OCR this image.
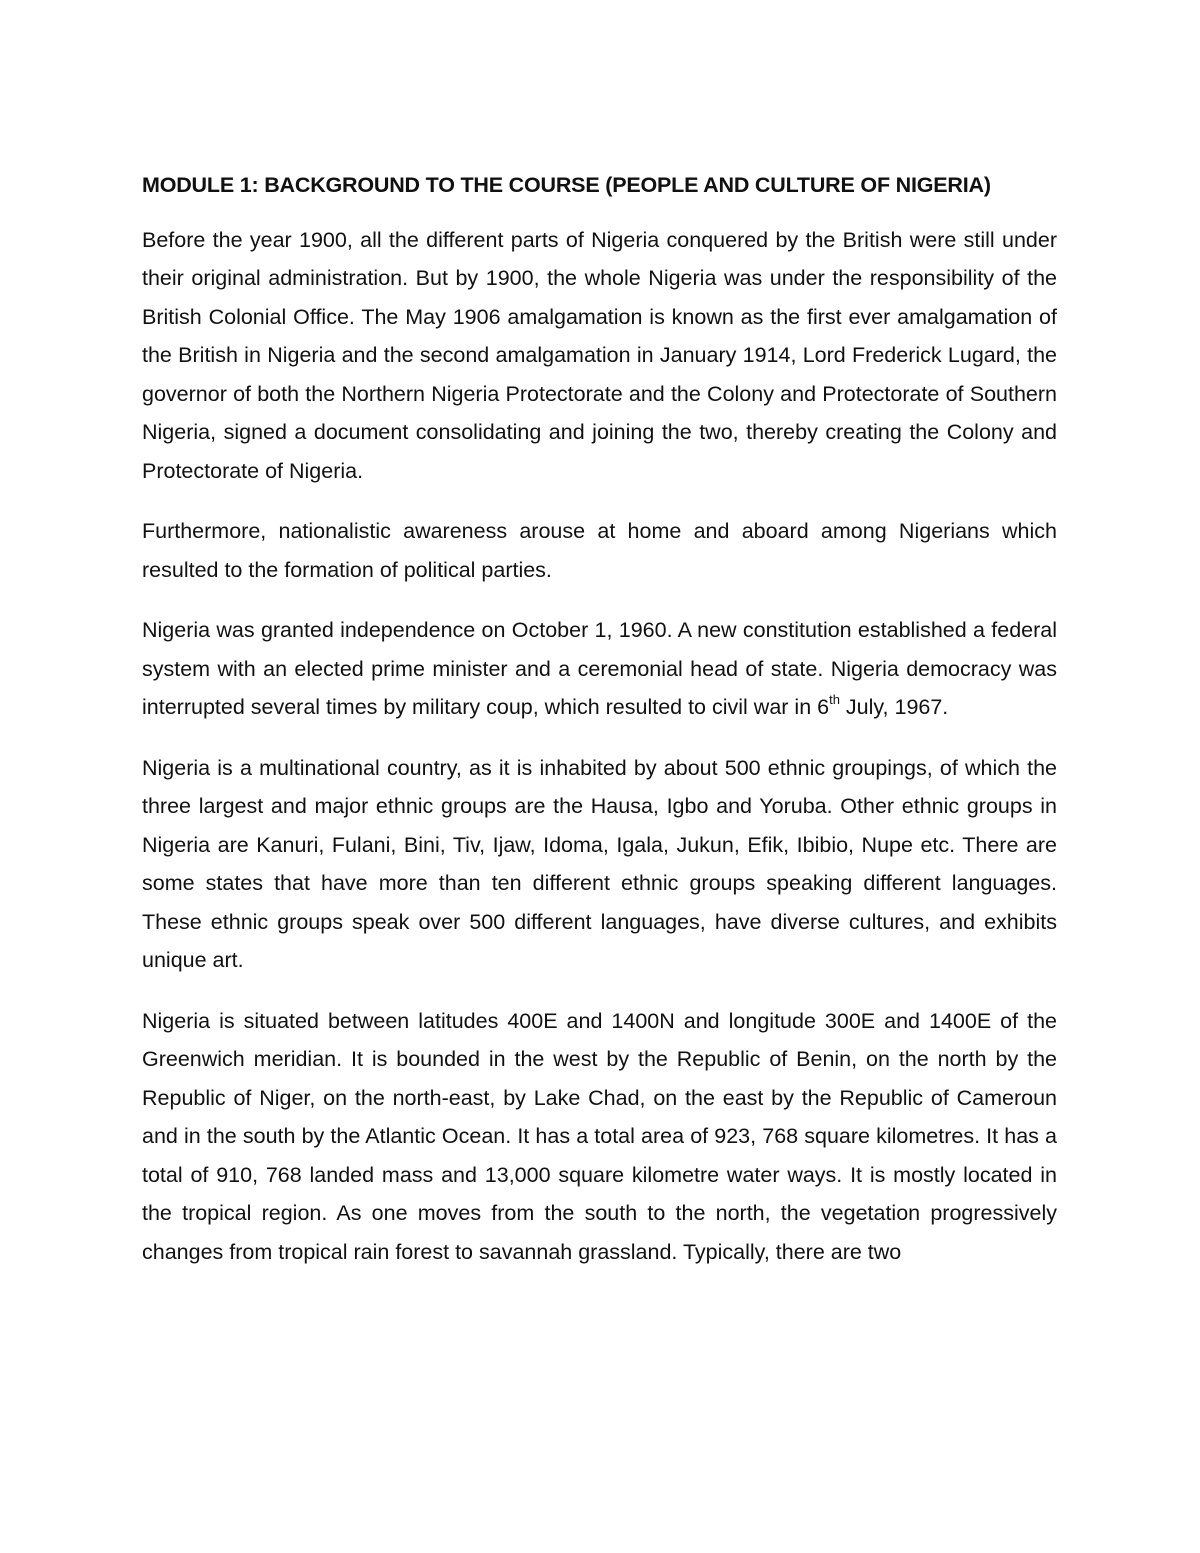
MODULE 1: BACKGROUND TO THE COURSE (PEOPLE AND CULTURE OF NIGERIA)

Before the year 1900, all the different parts of Nigeria conquered by the British were still under their original administration. But by 1900, the whole Nigeria was under the responsibility of the British Colonial Office. The May 1906 amalgamation is known as the first ever amalgamation of the British in Nigeria and the second amalgamation in January 1914, Lord Frederick Lugard, the governor of both the Northern Nigeria Protectorate and the Colony and Protectorate of Southern Nigeria, signed a document consolidating and joining the two, thereby creating the Colony and Protectorate of Nigeria.

Furthermore, nationalistic awareness arouse at home and aboard among Nigerians which resulted to the formation of political parties.

Nigeria was granted independence on October 1, 1960. A new constitution established a federal system with an elected prime minister and a ceremonial head of state. Nigeria democracy was interrupted several times by military coup, which resulted to civil war in 6th July, 1967.

Nigeria is a multinational country, as it is inhabited by about 500 ethnic groupings, of which the three largest and major ethnic groups are the Hausa, Igbo and Yoruba. Other ethnic groups in Nigeria are Kanuri, Fulani, Bini, Tiv, Ijaw, Idoma, Igala, Jukun, Efik, Ibibio, Nupe etc. There are some states that have more than ten different ethnic groups speaking different languages. These ethnic groups speak over 500 different languages, have diverse cultures, and exhibits unique art.

Nigeria is situated between latitudes 400E and 1400N and longitude 300E and 1400E of the Greenwich meridian. It is bounded in the west by the Republic of Benin, on the north by the Republic of Niger, on the north-east, by Lake Chad, on the east by the Republic of Cameroun and in the south by the Atlantic Ocean. It has a total area of 923, 768 square kilometres. It has a total of 910, 768 landed mass and 13,000 square kilometre water ways. It is mostly located in the tropical region. As one moves from the south to the north, the vegetation progressively changes from tropical rain forest to savannah grassland. Typically, there are two
